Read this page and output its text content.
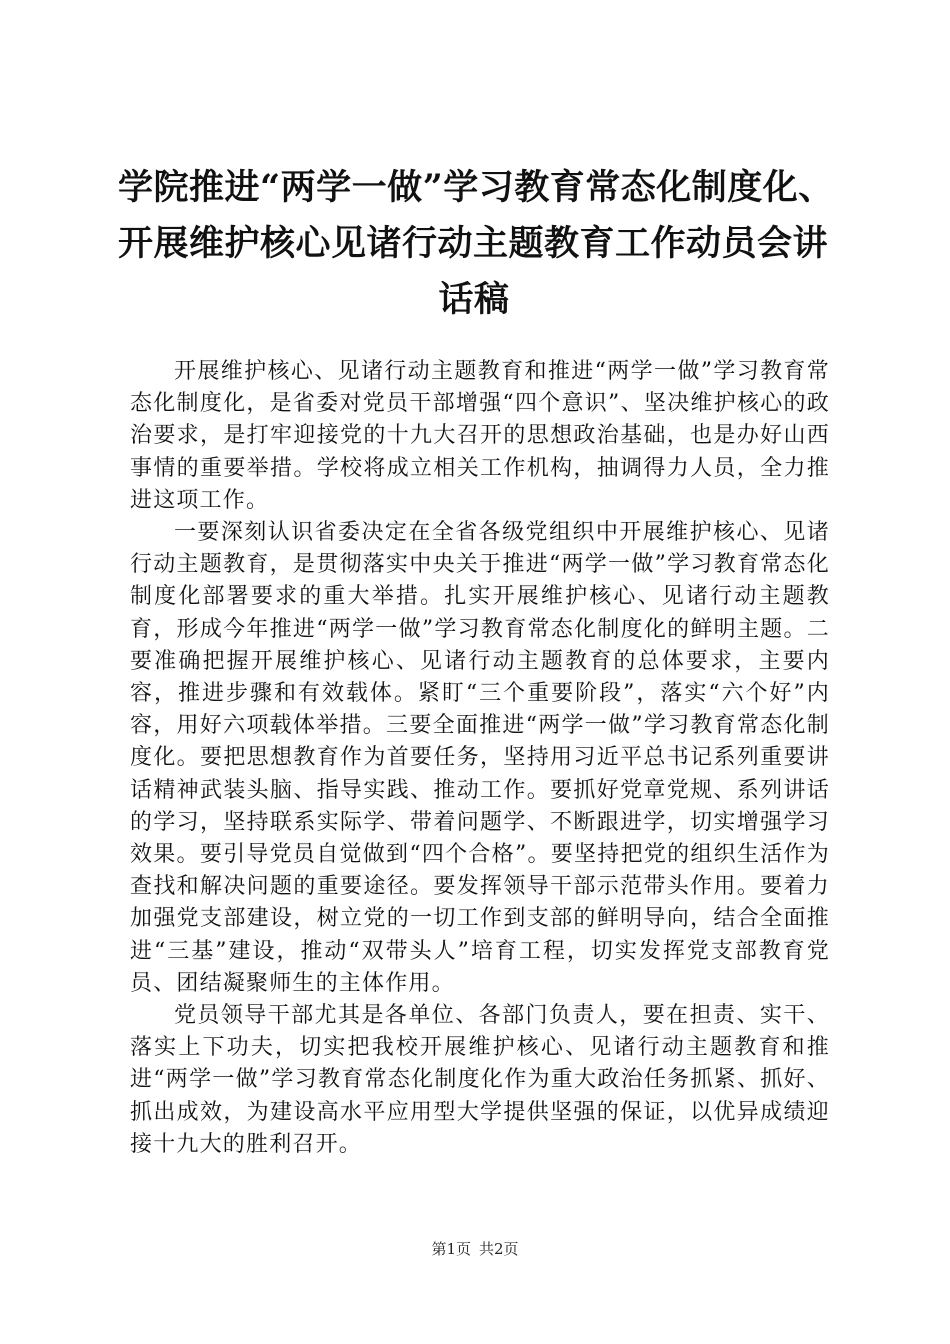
学院推进“两学一做”学习教育常态化制度化、
开展维护核心见诸行动主题教育工作动员会讲
话稿

开展维护核心、见诸行动主题教育和推进“两学一做”学习教育常态化制度化，是省委对党员干部增强“四个意识”、坚决维护核心的政治要求，是打牢迎接党的十九大召开的思想政治基础，也是办好山西事情的重要举措。学校将成立相关工作机构，抽调得力人员，全力推进这项工作。

一要深刻认识省委决定在全省各级党组织中开展维护核心、见诸行动主题教育，是贯彻落实中央关于推进“两学一做”学习教育常态化制度化部署要求的重大举措。扎实开展维护核心、见诸行动主题教育，形成今年推进“两学一做”学习教育常态化制度化的鲜明主题。二要准确把握开展维护核心、见诸行动主题教育的总体要求，主要内容，推进步骤和有效载体。紧盯“三个重要阶段”，落实“六个好”内容，用好六项载体举措。三要全面推进“两学一做”学习教育常态化制度化。要把思想教育作为首要任务，坚持用习近平总书记系列重要讲话精神武装头脑、指导实践、推动工作。要抓好党章党规、系列讲话的学习，坚持联系实际学、带着问题学、不断跟进学，切实增强学习效果。要引导党员自觉做到“四个合格”。要坚持把党的组织生活作为查找和解决问题的重要途径。要发挥领导干部示范带头作用。要着力加强党支部建设，树立党的一切工作到支部的鲜明导向，结合全面推进“三基”建设，推动“双带头人”培育工程，切实发挥党支部教育党员、团结凝聚师生的主体作用。

党员领导干部尤其是各单位、各部门负责人，要在担责、实干、落实上下功夫，切实把我校开展维护核心、见诸行动主题教育和推进“两学一做”学习教育常态化制度化作为重大政治任务抓紧、抓好、抓出成效，为建设高水平应用型大学提供坚强的保证，以优异成绩迎接十九大的胜利召开。

第1页 共2页
